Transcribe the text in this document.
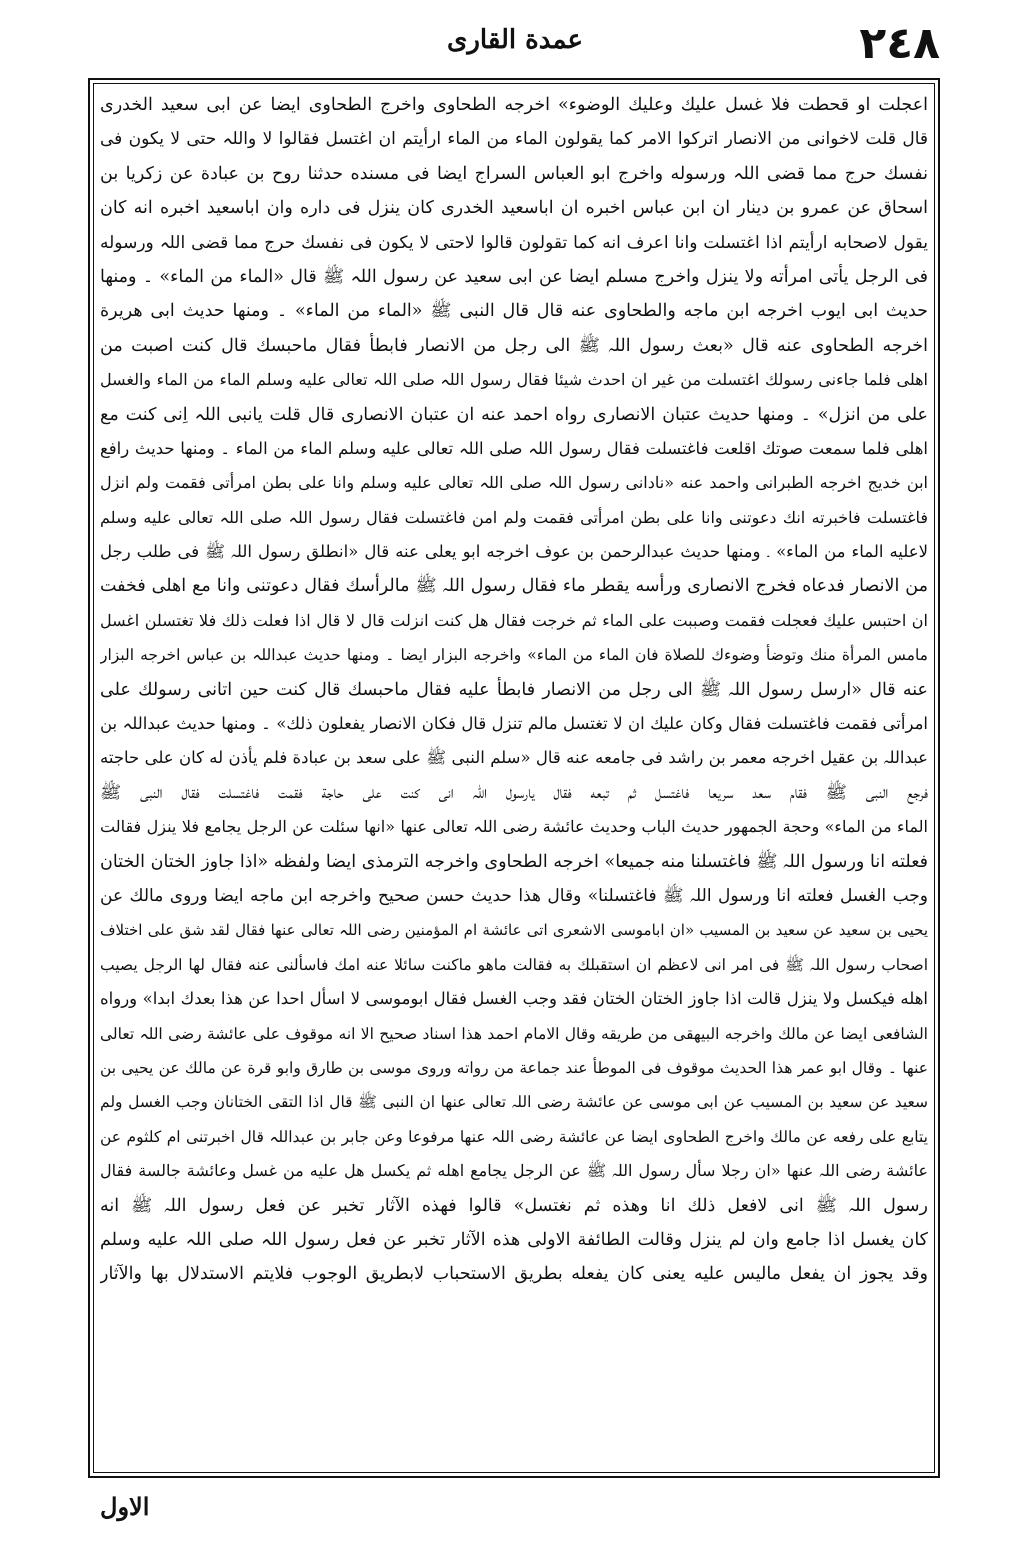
عمدة القاری	٢٤٨
اعجلت او قحطت فلا غسل عليك وعليك الوضوء» اخرجه الطحاوی واخرج الطحاوی ايضا عن ابی سعيد الخدری
قال قلت لاخوانی من الانصار اتركوا الامر كما يقولون الماء من الماء ارأيتم ان اغتسل فقالوا لا واللہ حتی لا يكون فی
نفسك حرج مما قضی اللہ ورسوله واخرج ابو العباس السراج ايضا فی مسنده حدثنا روح بن عبادة عن زكريا بن
اسحاق عن عمرو بن دينار ان ابن عباس اخبره ان اباسعيد الخدری كان ينزل فی داره وان اباسعيد اخبره انه كان
يقول لاصحابه ارأيتم اذا اغتسلت وانا اعرف انه كما تقولون قالوا لاحتی لا يكون فی نفسك حرج مما قضی اللہ ورسوله
فی الرجل يأتی امرأته ولا ينزل واخرج مسلم ايضا عن ابی سعيد عن رسول اللہ ﷺ قال «الماء من الماء» ۔ ومنها
حديث ابی ايوب اخرجه ابن ماجه والطحاوی عنه قال قال النبی ﷺ «الماء من الماء» ۔ ومنها حديث ابی هريرة
اخرجه الطحاوی عنه قال «بعث رسول اللہ ﷺ الی رجل من الانصار فابطأ فقال ماحبسك قال كنت اصبت من
اهلی فلما جاءنی رسولك اغتسلت من غير ان احدث شيئا فقال رسول اللہ صلی اللہ تعالی عليه وسلم الماء من الماء والغسل
علی من انزل» ۔ ومنها حديث عتبان الانصاری رواه احمد عنه ان عتبان الانصاری قال قلت يانبی اللہ اِنی كنت مع
اهلی فلما سمعت صوتك اقلعت فاغتسلت فقال رسول اللہ صلی اللہ تعالی عليه وسلم الماء من الماء ۔ ومنها حديث رافع
ابن خديج اخرجه الطبرانی واحمد عنه «نادانی رسول اللہ صلی اللہ تعالی عليه وسلم وانا علی بطن امرأتی فقمت ولم انزل
فاغتسلت فاخبرته انك دعوتنی وانا علی بطن امرأتی فقمت ولم امن فاغتسلت فقال رسول اللہ صلی اللہ تعالی عليه وسلم
لاعليه الماء من الماء» ۔ ومنها حديث عبدالرحمن بن عوف اخرجه ابو يعلی عنه قال «انطلق رسول اللہ ﷺ فی طلب رجل
من الانصار فدعاه فخرج الانصاری ورأسه يقطر ماء فقال رسول اللہ ﷺ مالرأسك فقال دعوتنی وانا مع اهلی فخفت
ان احتبس عليك فعجلت فقمت وصببت علی الماء ثم خرجت فقال هل كنت انزلت قال لا قال اذا فعلت ذلك فلا تغتسلن اغسل
مامس المرأة منك وتوضأ وضوءك للصلاة فان الماء من الماء» واخرجه البزار ايضا ۔ ومنها حديث عبداللہ بن عباس اخرجه البزار
عنه قال «ارسل رسول اللہ ﷺ الی رجل من الانصار فابطأ عليه فقال ماحبسك قال كنت حين اتانی رسولك علی
امرأتی فقمت فاغتسلت فقال وكان عليك ان لا تغتسل مالم تنزل قال فكان الانصار يفعلون ذلك» ۔ ومنها حديث عبداللہ بن
عبداللہ بن عقيل اخرجه معمر بن راشد فی جامعه عنه قال «سلم النبی ﷺ علی سعد بن عبادة فلم يأذن له كان علی حاجته
فرجع النبی ﷺ فقام سعد سريعا فاغتسل ثم تبعه فقال يارسول اللہ انی كنت علی حاجة فقمت فاغتسلت فقال النبی ﷺ
الماء من الماء» وحجة الجمهور حديث الباب وحديث عائشة رضی اللہ تعالی عنها «انها سئلت عن الرجل يجامع فلا ينزل فقالت
فعلته انا ورسول اللہ ﷺ فاغتسلنا منه جميعا» اخرجه الطحاوی واخرجه الترمذی ايضا ولفظه «اذا جاوز الختان الختان
وجب الغسل فعلته انا ورسول اللہ ﷺ فاغتسلنا» وقال هذا حديث حسن صحيح واخرجه ابن ماجه ايضا وروی مالك عن
يحيی بن سعيد عن سعيد بن المسيب «ان اباموسی الاشعری اتی عائشة ام المؤمنين رضی اللہ تعالی عنها فقال لقد شق علی اختلاف
اصحاب رسول اللہ ﷺ فی امر انی لاعظم ان استقبلك به فقالت ماهو ماكنت سائلا عنه امك فاسألنی عنه فقال لها الرجل يصيب
اهله فيكسل ولا ينزل قالت اذا جاوز الختان الختان فقد وجب الغسل فقال ابوموسی لا اسأل احدا عن هذا بعدك ابدا» ورواه
الشافعی ايضا عن مالك واخرجه البيهقی من طريقه وقال الامام احمد هذا اسناد صحيح الا انه موقوف علی عائشة رضی اللہ تعالی
عنها ۔ وقال ابو عمر هذا الحديث موقوف فی الموطأ عند جماعة من رواته وروی موسی بن طارق وابو قرة عن مالك عن يحيی بن
سعيد عن سعيد بن المسيب عن ابی موسی عن عائشة رضی اللہ تعالی عنها ان النبی ﷺ قال اذا التقی الختانان وجب الغسل ولم
يتابع علی رفعه عن مالك واخرج الطحاوی ايضا عن عائشة رضی اللہ عنها مرفوعا وعن جابر بن عبداللہ قال اخبرتنی ام كلثوم عن
عائشة رضی اللہ عنها «ان رجلا سأل رسول اللہ ﷺ عن الرجل يجامع اهله ثم يكسل هل عليه من غسل وعائشة جالسة فقال
رسول اللہ ﷺ انی لافعل ذلك انا وهذه ثم نغتسل» قالوا فهذه الآثار تخبر عن فعل رسول اللہ ﷺ انه
كان يغسل اذا جامع وان لم ينزل وقالت الطائفة الاولی هذه الآثار تخبر عن فعل رسول اللہ صلی اللہ عليه وسلم
وقد يجوز ان يفعل ماليس عليه يعنی كان يفعله بطريق الاستحباب لابطريق الوجوب فلايتم الاستدلال بها والآثار
الاول
